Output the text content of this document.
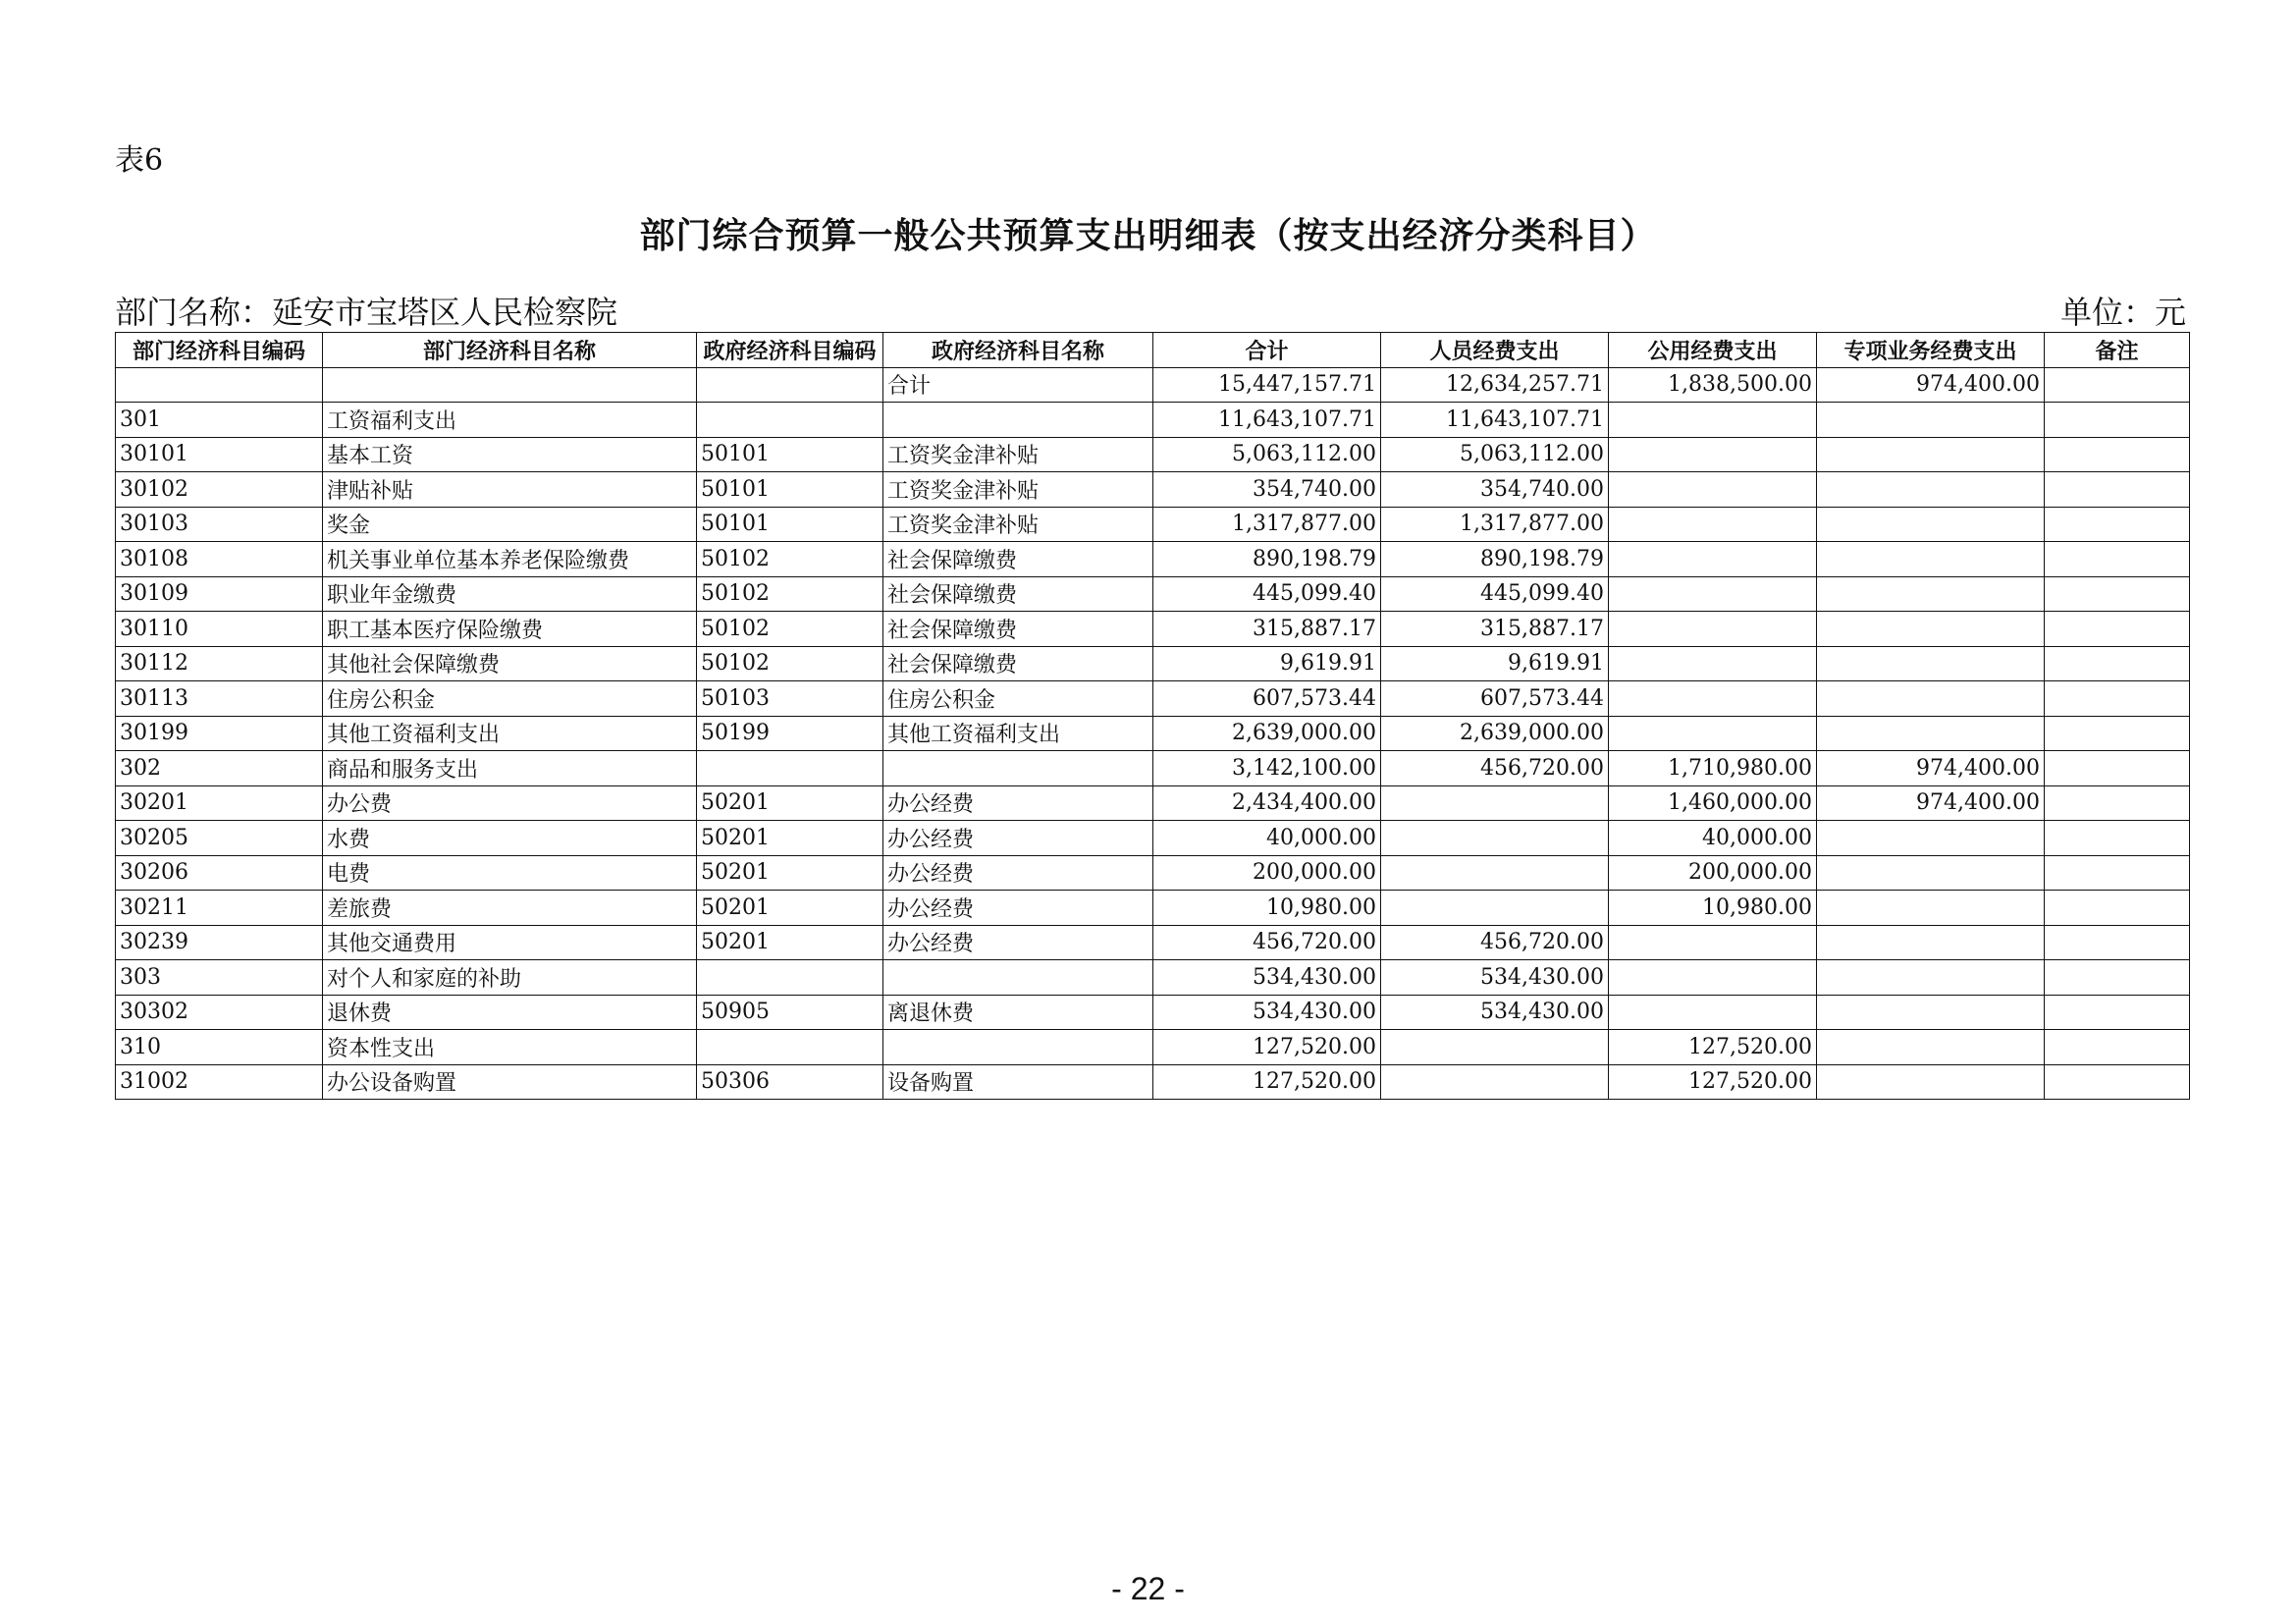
表6
部门综合预算一般公共预算支出明细表（按支出经济分类科目）
部门名称：延安市宝塔区人民检察院	单位：元
部门经济科目编码	部门经济科目名称	政府经济科目编码	政府经济科目名称	合计	人员经费支出	公用经费支出	专项业务经费支出	备注
			合计	15,447,157.71	12,634,257.71	1,838,500.00	974,400.00	
301	工资福利支出			11,643,107.71	11,643,107.71			
30101	基本工资	50101	工资奖金津补贴	5,063,112.00	5,063,112.00			
30102	津贴补贴	50101	工资奖金津补贴	354,740.00	354,740.00			
30103	奖金	50101	工资奖金津补贴	1,317,877.00	1,317,877.00			
30108	机关事业单位基本养老保险缴费	50102	社会保障缴费	890,198.79	890,198.79			
30109	职业年金缴费	50102	社会保障缴费	445,099.40	445,099.40			
30110	职工基本医疗保险缴费	50102	社会保障缴费	315,887.17	315,887.17			
30112	其他社会保障缴费	50102	社会保障缴费	9,619.91	9,619.91			
30113	住房公积金	50103	住房公积金	607,573.44	607,573.44			
30199	其他工资福利支出	50199	其他工资福利支出	2,639,000.00	2,639,000.00			
302	商品和服务支出			3,142,100.00	456,720.00	1,710,980.00	974,400.00	
30201	办公费	50201	办公经费	2,434,400.00		1,460,000.00	974,400.00	
30205	水费	50201	办公经费	40,000.00		40,000.00		
30206	电费	50201	办公经费	200,000.00		200,000.00		
30211	差旅费	50201	办公经费	10,980.00		10,980.00		
30239	其他交通费用	50201	办公经费	456,720.00	456,720.00			
303	对个人和家庭的补助			534,430.00	534,430.00			
30302	退休费	50905	离退休费	534,430.00	534,430.00			
310	资本性支出			127,520.00		127,520.00		
31002	办公设备购置	50306	设备购置	127,520.00		127,520.00		
- 22 -
